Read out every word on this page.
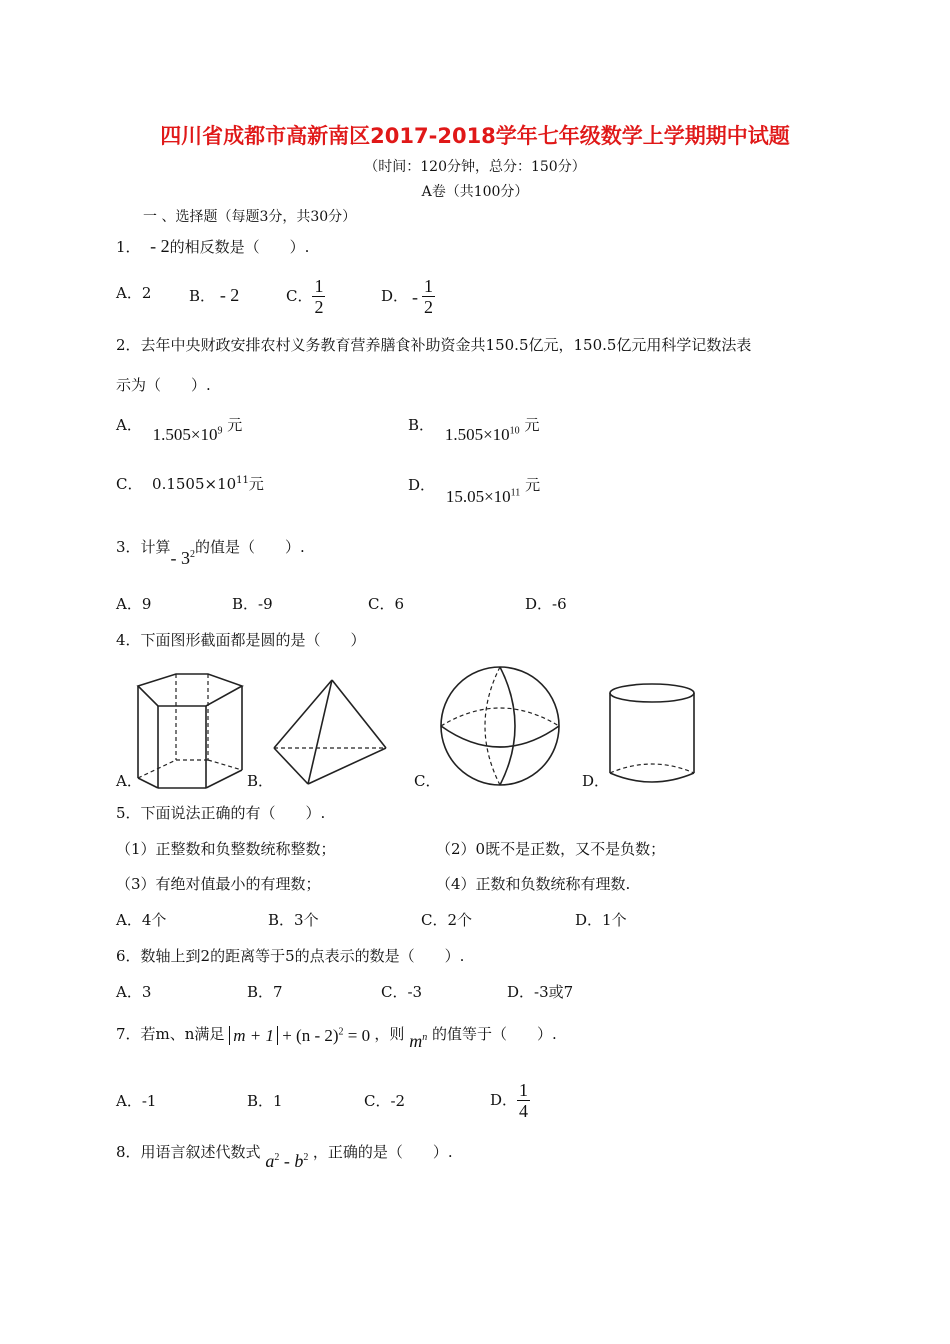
四川省成都市高新南区2017-2018学年七年级数学上学期期中试题
（时间：120分钟，总分：150分）
A卷（共100分）
一 、选择题（每题3分，共30分）
1． - 2的相反数是（　　）.
A．2	B． - 2	C． $\frac{1}{2}$	D． - $\frac{1}{2}$
2．去年中央财政安排农村义务教育营养膳食补助资金共150.5亿元，150.5亿元用科学记数法表
示为（　　）.
A． $1.505\times 10^9$ 元	B． $1.505\times 10^{10}$ 元
C． $0.1505\times 10^{11}$元	D． $15.05\times 10^{11}$ 元
3．计算- $3^2$的值是（　　）.
A．9	B．-9	C．6	D．-6
4．下面图形截面都是圆的是（　　）
A．	B．	C．	D．
5．下面说法正确的有（　　）.
（1）正整数和负整数统称整数；	（2）0既不是正数，又不是负数；
（3）有绝对值最小的有理数；	（4）正数和负数统称有理数.
A．4个	B．3个	C．2个	D．1个
6．数轴上到2的距离等于5的点表示的数是（　　）.
A．3	B．7	C．-3	D．-3或7
7．若m、n满足 m + 1 + (n - 2)$^2$ = 0 ，则 $m^n$ 的值等于（　　）.
A．-1	B．1	C．-2	D． $\frac{1}{4}$
8．用语言叙述代数式 $a^2 - b^2$ ，正确的是（　　）.
